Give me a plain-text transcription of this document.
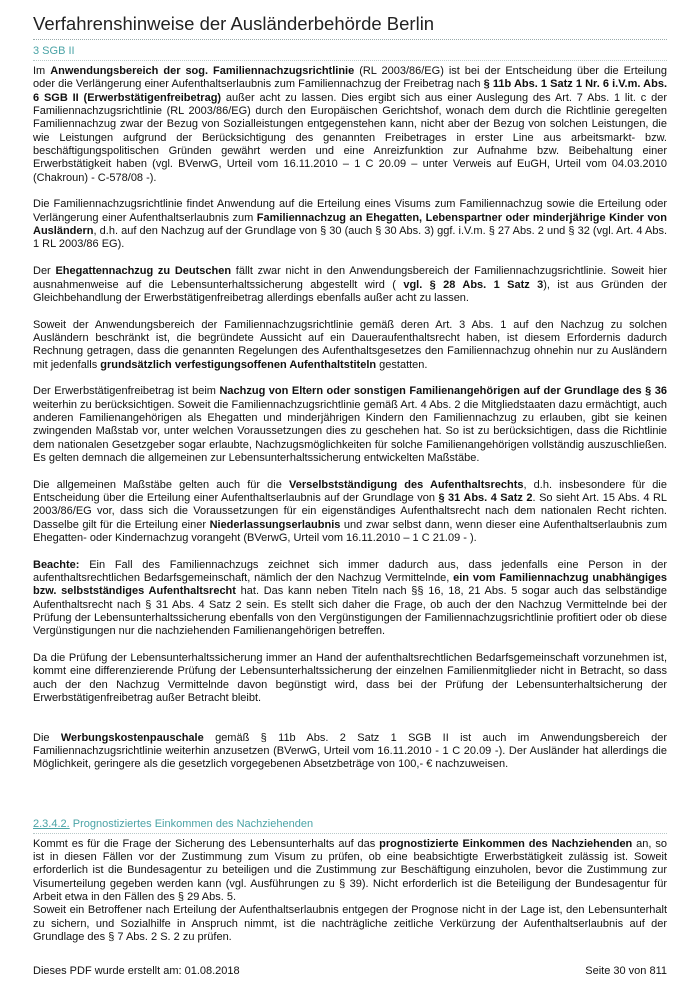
Verfahrenshinweise der Ausländerbehörde Berlin
3 SGB II

Im Anwendungsbereich der sog. Familiennachzugsrichtlinie (RL 2003/86/EG) ist bei der Entscheidung über die Erteilung oder die Verlängerung einer Aufenthaltserlaubnis zum Familiennachzug der Freibetrag nach § 11b Abs. 1 Satz 1 Nr. 6 i.V.m. Abs. 6 SGB II (Erwerbstätigenfreibetrag) außer acht zu lassen. Dies ergibt sich aus einer Auslegung des Art. 7 Abs. 1 lit. c der Familiennachzugsrichtlinie (RL 2003/86/EG) durch den Europäischen Gerichtshof, wonach dem durch die Richtlinie geregelten Familiennachzug zwar der Bezug von Sozialleistungen entgegenstehen kann, nicht aber der Bezug von solchen Leistungen, die wie Leistungen aufgrund der Berücksichtigung des genannten Freibetrages in erster Line aus arbeitsmarkt- bzw. beschäftigungspolitischen Gründen gewährt werden und eine Anreizfunktion zur Aufnahme bzw. Beibehaltung einer Erwerbstätigkeit haben (vgl. BVerwG, Urteil vom 16.11.2010 – 1 C 20.09 – unter Verweis auf EuGH, Urteil vom 04.03.2010 (Chakroun) - C-578/08 -).

Die Familiennachzugsrichtlinie findet Anwendung auf die Erteilung eines Visums zum Familiennachzug sowie die Erteilung oder Verlängerung einer Aufenthaltserlaubnis zum Familiennachzug an Ehegatten, Lebenspartner oder minderjährige Kinder von Ausländern, d.h. auf den Nachzug auf der Grundlage von § 30 (auch § 30 Abs. 3) ggf. i.V.m. § 27 Abs. 2 und § 32 (vgl. Art. 4 Abs. 1 RL 2003/86 EG).

Der Ehegattennachzug zu Deutschen fällt zwar nicht in den Anwendungsbereich der Familiennachzugsrichtlinie. Soweit hier ausnahmenweise auf die Lebensunterhaltssicherung abgestellt wird ( vgl. § 28 Abs. 1 Satz 3), ist aus Gründen der Gleichbehandlung der Erwerbstätigenfreibetrag allerdings ebenfalls außer acht zu lassen.

Soweit der Anwendungsbereich der Familiennachzugsrichtlinie gemäß deren Art. 3 Abs. 1 auf den Nachzug zu solchen Ausländern beschränkt ist, die begründete Aussicht auf ein Daueraufenthaltsrecht haben, ist diesem Erfordernis dadurch Rechnung getragen, dass die genannten Regelungen des Aufenthaltsgesetzes den Familiennachzug ohnehin nur zu Ausländern mit jedenfalls grundsätzlich verfestigungsoffenen Aufenthaltstiteln gestatten.

Der Erwerbstätigenfreibetrag ist beim Nachzug von Eltern oder sonstigen Familienangehörigen auf der Grundlage des § 36 weiterhin zu berücksichtigen. Soweit die Familiennachzugsrichtlinie gemäß Art. 4 Abs. 2 die Mitgliedstaaten dazu ermächtigt, auch anderen Familienangehörigen als Ehegatten und minderjährigen Kindern den Familiennachzug zu erlauben, gibt sie keinen zwingenden Maßstab vor, unter welchen Voraussetzungen dies zu geschehen hat. So ist zu berücksichtigen, dass die Richtlinie dem nationalen Gesetzgeber sogar erlaubte, Nachzugsmöglichkeiten für solche Familienangehörigen vollständig auszuschließen. Es gelten demnach die allgemeinen zur Lebensunterhaltssicherung entwickelten Maßstäbe.

Die allgemeinen Maßstäbe gelten auch für die Verselbstständigung des Aufenthaltsrechts, d.h. insbesondere für die Entscheidung über die Erteilung einer Aufenthaltserlaubnis auf der Grundlage von § 31 Abs. 4 Satz 2. So sieht Art. 15 Abs. 4 RL 2003/86/EG vor, dass sich die Voraussetzungen für ein eigenständiges Aufenthaltsrecht nach dem nationalen Recht richten. Dasselbe gilt für die Erteilung einer Niederlassungserlaubnis und zwar selbst dann, wenn dieser eine Aufenthaltserlaubnis zum Ehegatten- oder Kindernachzug vorangeht (BVerwG, Urteil vom 16.11.2010 – 1 C 21.09 - ).

Beachte: Ein Fall des Familiennachzugs zeichnet sich immer dadurch aus, dass jedenfalls eine Person in der aufenthaltsrechtlichen Bedarfsgemeinschaft, nämlich der den Nachzug Vermittelnde, ein vom Familiennachzug unabhängiges bzw. selbstständiges Aufenthaltsrecht hat. Das kann neben Titeln nach §§ 16, 18, 21 Abs. 5 sogar auch das selbständige Aufenthaltsrecht nach § 31 Abs. 4 Satz 2 sein. Es stellt sich daher die Frage, ob auch der den Nachzug Vermittelnde bei der Prüfung der Lebensunterhaltssicherung ebenfalls von den Vergünstigungen der Familiennachzugsrichtlinie profitiert oder ob diese Vergünstigungen nur die nachziehenden Familienangehörigen betreffen.

Da die Prüfung der Lebensunterhaltssicherung immer an Hand der aufenthaltsrechtlichen Bedarfsgemeinschaft vorzunehmen ist, kommt eine differenzierende Prüfung der Lebensunterhaltssicherung der einzelnen Familienmitglieder nicht in Betracht, so dass auch der den Nachzug Vermittelnde davon begünstigt wird, dass bei der Prüfung der Lebensunterhaltsicherung der Erwerbstätigenfreibetrag außer Betracht bleibt.

Die Werbungskostenpauschale gemäß § 11b Abs. 2 Satz 1 SGB II ist auch im Anwendungsbereich der Familiennachzugsrichtlinie weiterhin anzusetzen (BVerwG, Urteil vom 16.11.2010 - 1 C 20.09 -). Der Ausländer hat allerdings die Möglichkeit, geringere als die gesetzlich vorgegebenen Absetzbeträge von 100,- € nachzuweisen.

2.3.4.2. Prognostiziertes Einkommen des Nachziehenden

Kommt es für die Frage der Sicherung des Lebensunterhalts auf das prognostizierte Einkommen des Nachziehenden an, so ist in diesen Fällen vor der Zustimmung zum Visum zu prüfen, ob eine beabsichtigte Erwerbstätigkeit zulässig ist. Soweit erforderlich ist die Bundesagentur zu beteiligen und die Zustimmung zur Beschäftigung einzuholen, bevor die Zustimmung zur Visumerteilung gegeben werden kann (vgl. Ausführungen zu § 39). Nicht erforderlich ist die Beteiligung der Bundesagentur für Arbeit etwa in den Fällen des § 29 Abs. 5.

Soweit ein Betroffener nach Erteilung der Aufenthaltserlaubnis entgegen der Prognose nicht in der Lage ist, den Lebensunterhalt zu sichern, und Sozialhilfe in Anspruch nimmt, ist die nachträgliche zeitliche Verkürzung der Aufenthaltserlaubnis auf der Grundlage des § 7 Abs. 2 S. 2 zu prüfen.

Dieses PDF wurde erstellt am: 01.08.2018	Seite 30 von 811
